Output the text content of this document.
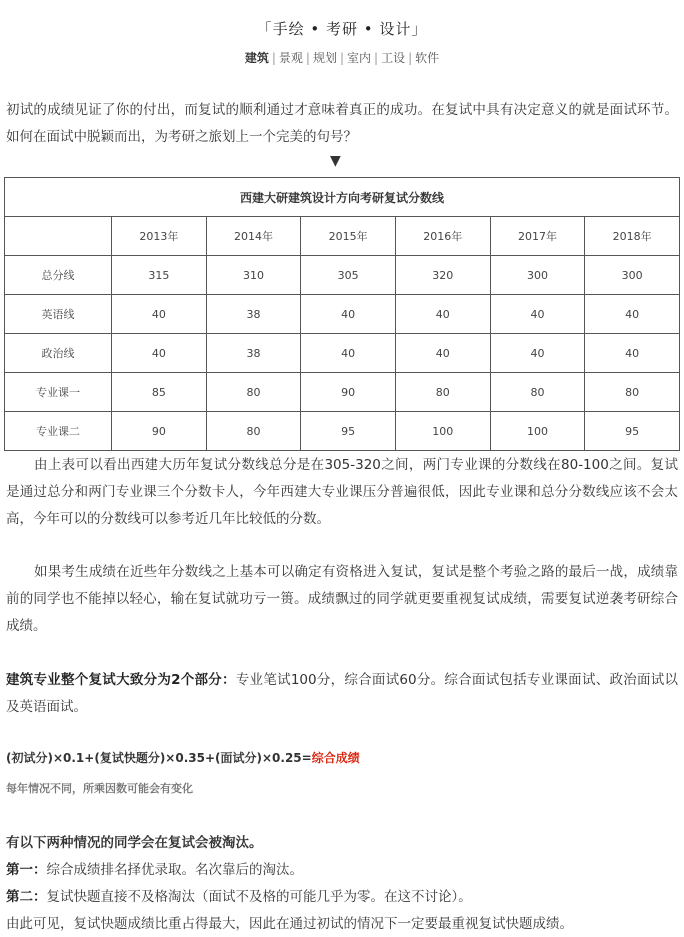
「手绘 • 考研 • 设计」
建筑 | 景观 | 规划 | 室内 | 工设 | 软件

初试的成绩见证了你的付出，而复试的顺利通过才意味着真正的成功。在复试中具有决定意义的就是面试环节。如何在面试中脱颖而出，为考研之旅划上一个完美的句号？

▼
西建大研建筑设计方向考研复试分数线						
	2013年	2014年	2015年	2016年	2017年	2018年
总分线	315	310	305	320	300	300
英语线	40	38	40	40	40	40
政治线	40	38	40	40	40	40
专业课一	85	80	90	80	80	80
专业课二	90	80	95	100	100	95

由上表可以看出西建大历年复试分数线总分是在305-320之间，两门专业课的分数线在80-100之间。复试是通过总分和两门专业课三个分数卡人，今年西建大专业课压分普遍很低，因此专业课和总分分数线应该不会太高，今年可以的分数线可以参考近几年比较低的分数。

如果考生成绩在近些年分数线之上基本可以确定有资格进入复试，复试是整个考验之路的最后一战，成绩靠前的同学也不能掉以轻心，输在复试就功亏一篑。成绩飘过的同学就更要重视复试成绩，需要复试逆袭考研综合成绩。

建筑专业整个复试大致分为2个部分：专业笔试100分，综合面试60分。综合面试包括专业课面试、政治面试以及英语面试。

(初试分)×0.1+(复试快题分)×0.35+(面试分)×0.25=综合成绩
每年情况不同，所乘因数可能会有变化
有以下两种情况的同学会在复试会被淘汰。
第一：综合成绩排名择优录取。名次靠后的淘汰。
第二：复试快题直接不及格淘汰（面试不及格的可能几乎为零。在这不讨论）。
由此可见，复试快题成绩比重占得最大，因此在通过初试的情况下一定要最重视复试快题成绩。
